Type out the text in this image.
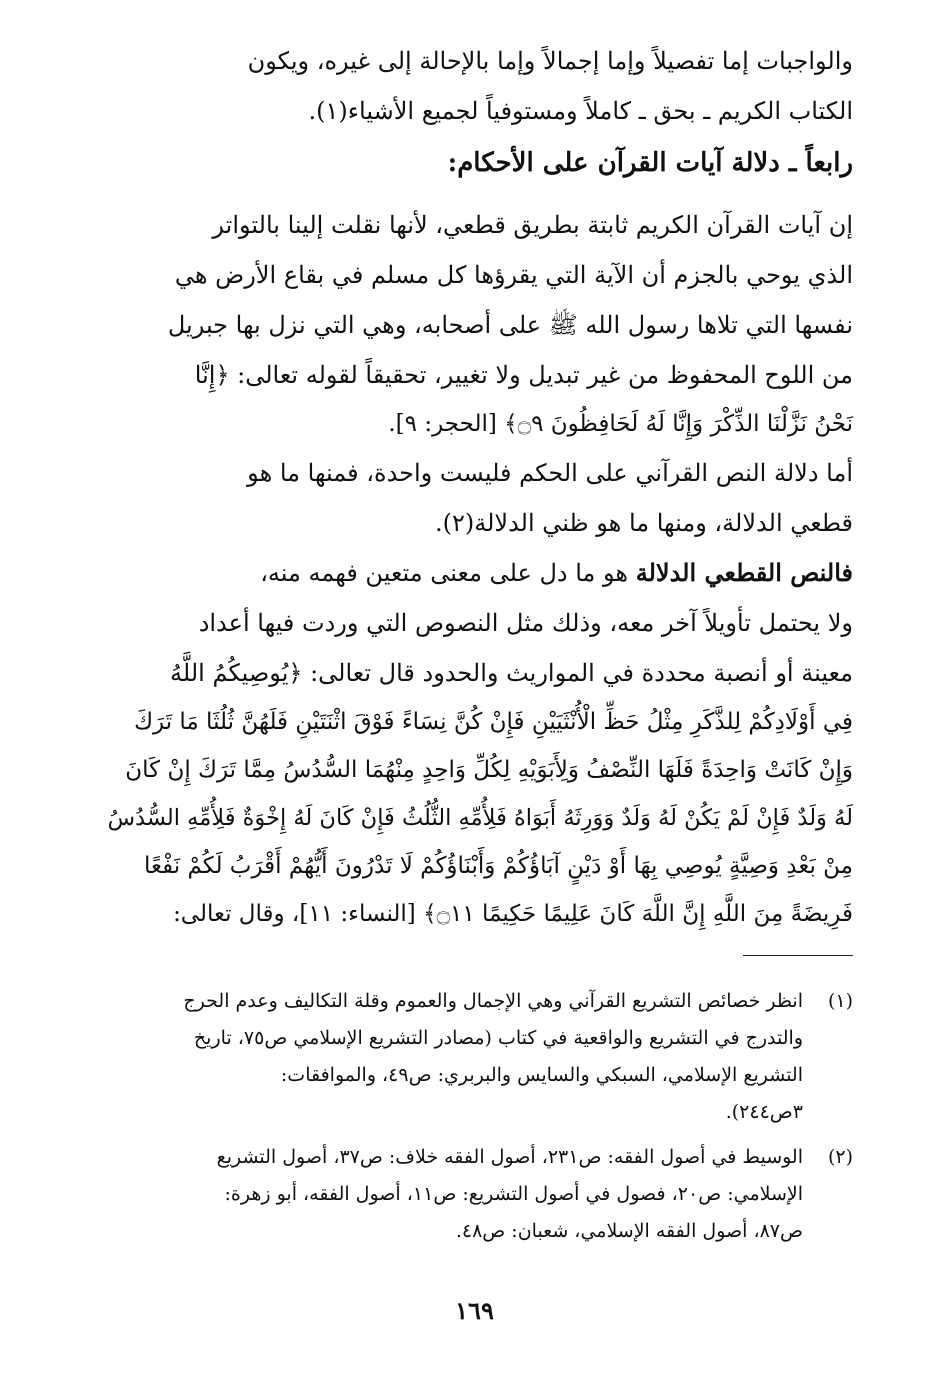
والواجبات إما تفصيلاً وإما إجمالاً وإما بالإحالة إلى غيره، ويكون
الكتاب الكريم ـ بحق ـ كاملاً ومستوفياً لجميع الأشياء(١).
رابعاً ـ دلالة آيات القرآن على الأحكام:
إن آيات القرآن الكريم ثابتة بطريق قطعي، لأنها نقلت إلينا بالتواتر
الذي يوحي بالجزم أن الآية التي يقرؤها كل مسلم في بقاع الأرض هي
نفسها التي تلاها رسول الله ﷺ على أصحابه، وهي التي نزل بها جبريل
من اللوح المحفوظ من غير تبديل ولا تغيير، تحقيقاً لقوله تعالى: ﴿إِنَّا
نَحْنُ نَزَّلْنَا الذِّكْرَ وَإِنَّا لَهُ لَحَافِظُونَ ۝٩﴾ [الحجر: ٩].
أما دلالة النص القرآني على الحكم فليست واحدة، فمنها ما هو
قطعي الدلالة، ومنها ما هو ظني الدلالة(٢).
فالنص القطعي الدلالة هو ما دل على معنى متعين فهمه منه،
ولا يحتمل تأويلاً آخر معه، وذلك مثل النصوص التي وردت فيها أعداد
معينة أو أنصبة محددة في المواريث والحدود قال تعالى: ﴿يُوصِيكُمُ اللَّهُ
فِي أَوْلَادِكُمْ لِلذَّكَرِ مِثْلُ حَظِّ الْأُنْثَيَيْنِ فَإِنْ كُنَّ نِسَاءً فَوْقَ اثْنَتَيْنِ فَلَهُنَّ ثُلُثَا مَا تَرَكَ
وَإِنْ كَانَتْ وَاحِدَةً فَلَهَا النِّصْفُ وَلِأَبَوَيْهِ لِكُلِّ وَاحِدٍ مِنْهُمَا السُّدُسُ مِمَّا تَرَكَ إِنْ كَانَ
لَهُ وَلَدٌ فَإِنْ لَمْ يَكُنْ لَهُ وَلَدٌ وَوَرِثَهُ أَبَوَاهُ فَلِأُمِّهِ الثُّلُثُ فَإِنْ كَانَ لَهُ إِخْوَةٌ فَلِأُمِّهِ السُّدُسُ
مِنْ بَعْدِ وَصِيَّةٍ يُوصِي بِهَا أَوْ دَيْنٍ آبَاؤُكُمْ وَأَبْنَاؤُكُمْ لَا تَدْرُونَ أَيُّهُمْ أَقْرَبُ لَكُمْ نَفْعًا
فَرِيضَةً مِنَ اللَّهِ إِنَّ اللَّهَ كَانَ عَلِيمًا حَكِيمًا ۝١١﴾ [النساء: ١١]، وقال تعالى:
(١)
انظر خصائص التشريع القرآني وهي الإجمال والعموم وقلة التكاليف وعدم الحرج
والتدرج في التشريع والواقعية في كتاب (مصادر التشريع الإسلامي ص٧٥، تاريخ
التشريع الإسلامي، السبكي والسايس والبربري: ص٤٩، والموافقات:
٣ص٢٤٤).
(٢)
الوسيط في أصول الفقه: ص٢٣١، أصول الفقه خلاف: ص٣٧، أصول التشريع
الإسلامي: ص٢٠، فصول في أصول التشريع: ص١١، أصول الفقه، أبو زهرة:
ص٨٧، أصول الفقه الإسلامي، شعبان: ص٤٨.
١٦٩
